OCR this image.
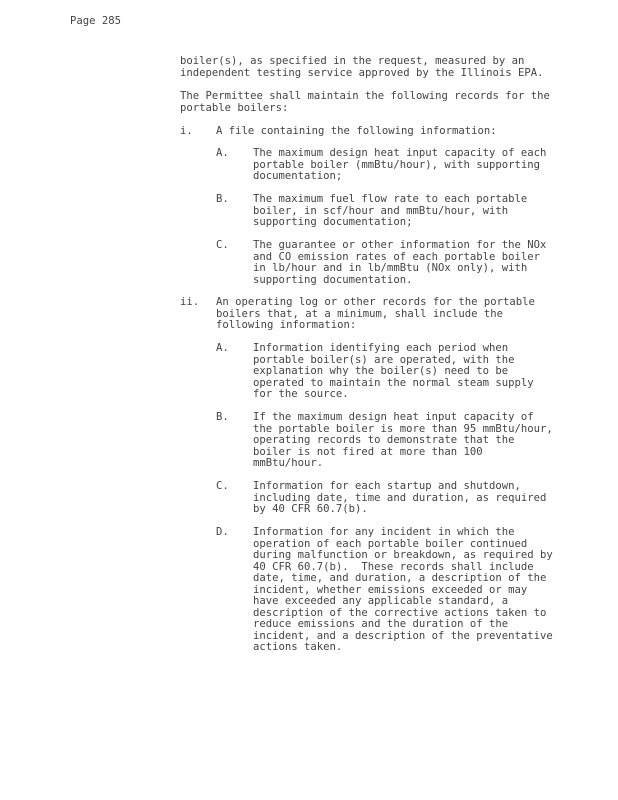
Page 285
boiler(s), as specified in the request, measured by an
independent testing service approved by the Illinois EPA.
The Permittee shall maintain the following records for the
portable boilers:
i. A file containing the following information:
A. The maximum design heat input capacity of each
portable boiler (mmBtu/hour), with supporting
documentation;
B. The maximum fuel flow rate to each portable
boiler, in scf/hour and mmBtu/hour, with
supporting documentation;
C. The guarantee or other information for the NOx
and CO emission rates of each portable boiler
in lb/hour and in lb/mmBtu (NOx only), with
supporting documentation.
ii. An operating log or other records for the portable
boilers that, at a minimum, shall include the
following information:
A. Information identifying each period when
portable boiler(s) are operated, with the
explanation why the boiler(s) need to be
operated to maintain the normal steam supply
for the source.
B. If the maximum design heat input capacity of
the portable boiler is more than 95 mmBtu/hour,
operating records to demonstrate that the
boiler is not fired at more than 100
mmBtu/hour.
C. Information for each startup and shutdown,
including date, time and duration, as required
by 40 CFR 60.7(b).
D. Information for any incident in which the
operation of each portable boiler continued
during malfunction or breakdown, as required by
40 CFR 60.7(b).  These records shall include
date, time, and duration, a description of the
incident, whether emissions exceeded or may
have exceeded any applicable standard, a
description of the corrective actions taken to
reduce emissions and the duration of the
incident, and a description of the preventative
actions taken.
